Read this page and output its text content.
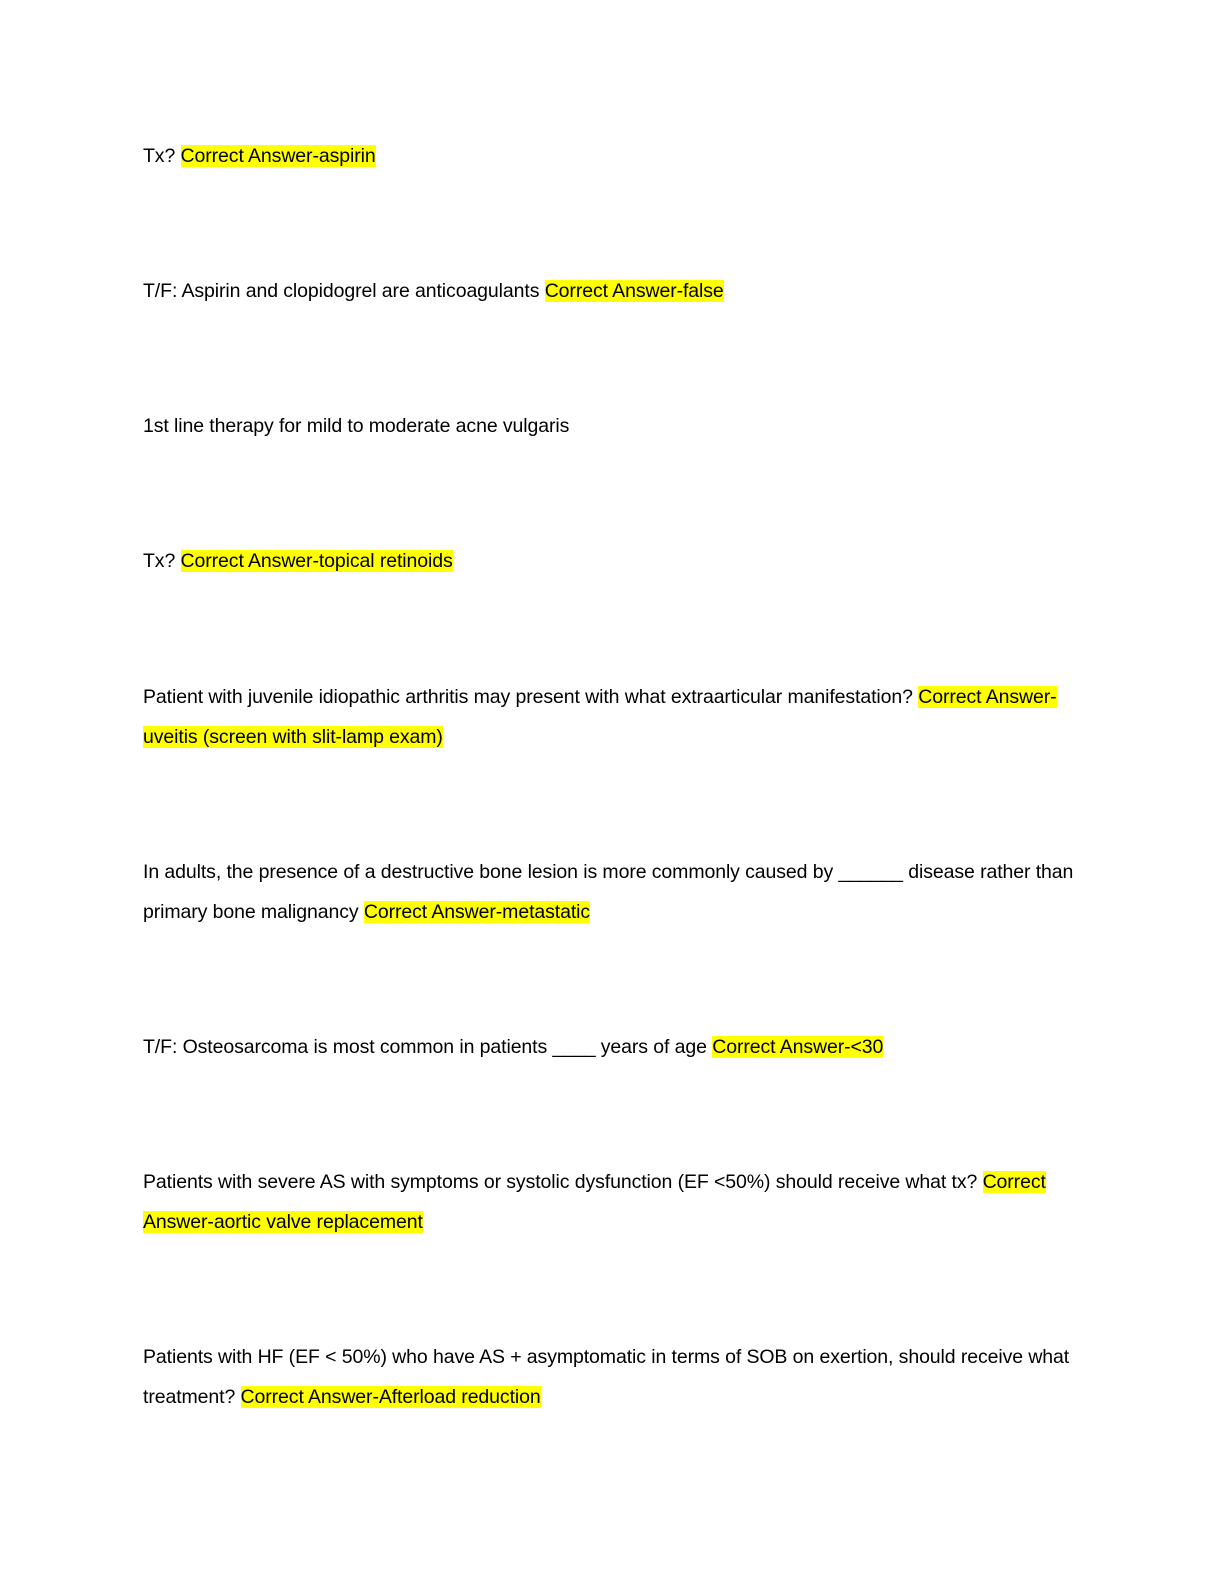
Tx? Correct Answer-aspirin

T/F: Aspirin and clopidogrel are anticoagulants Correct Answer-false

1st line therapy for mild to moderate acne vulgaris

Tx? Correct Answer-topical retinoids

Patient with juvenile idiopathic arthritis may present with what extraarticular manifestation? Correct Answer-uveitis (screen with slit-lamp exam)

In adults, the presence of a destructive bone lesion is more commonly caused by ______ disease rather than primary bone malignancy Correct Answer-metastatic

T/F: Osteosarcoma is most common in patients ____ years of age Correct Answer-<30

Patients with severe AS with symptoms or systolic dysfunction (EF <50%) should receive what tx? Correct Answer-aortic valve replacement

Patients with HF (EF < 50%) who have AS + asymptomatic in terms of SOB on exertion, should receive what treatment? Correct Answer-Afterload reduction
